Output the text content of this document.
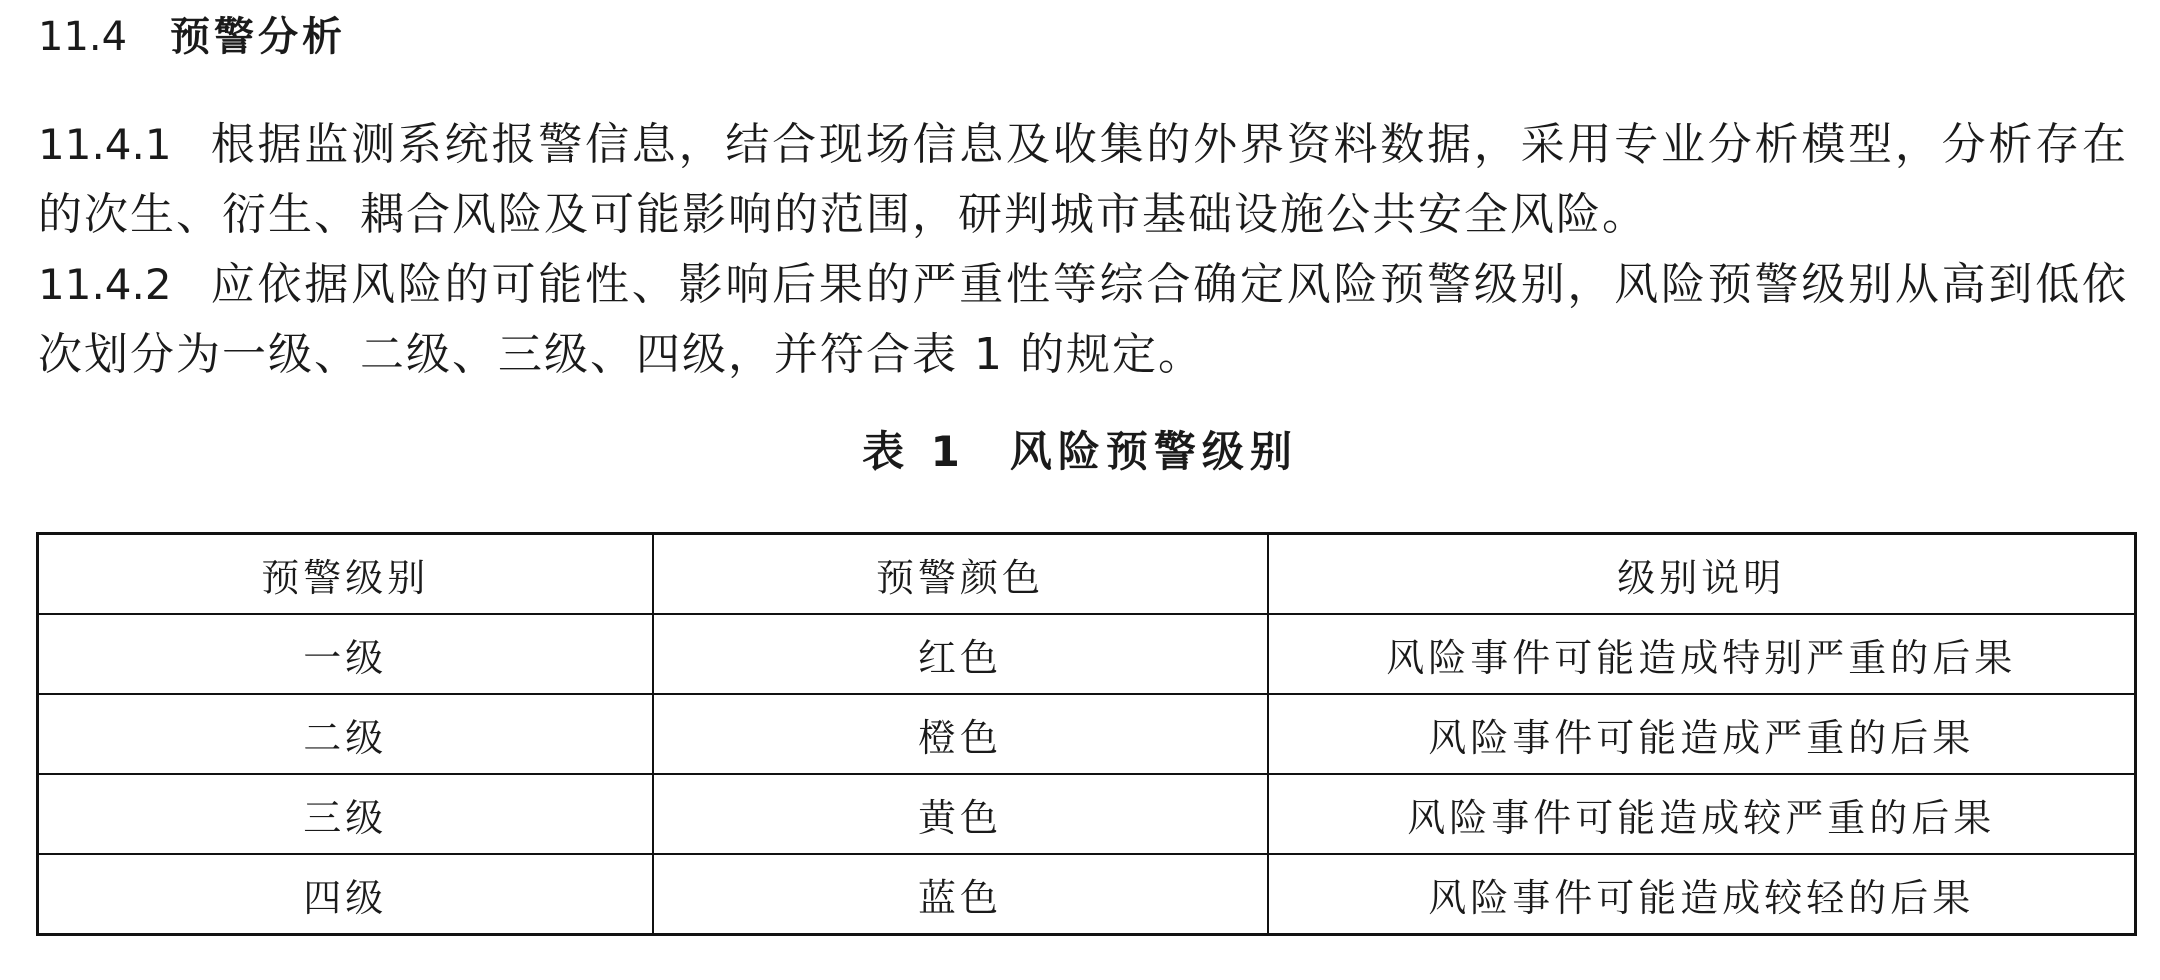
11.4 预警分析

11.4.1 根据监测系统报警信息，结合现场信息及收集的外界资料数据，采用专业分析模型，分析存在的次生、衍生、耦合风险及可能影响的范围，研判城市基础设施公共安全风险。

11.4.2 应依据风险的可能性、影响后果的严重性等综合确定风险预警级别，风险预警级别从高到低依次划分为一级、二级、三级、四级，并符合表 1 的规定。

表 1 风险预警级别
预警级别	预警颜色	级别说明
一级	红色	风险事件可能造成特别严重的后果
二级	橙色	风险事件可能造成严重的后果
三级	黄色	风险事件可能造成较严重的后果
四级	蓝色	风险事件可能造成较轻的后果
